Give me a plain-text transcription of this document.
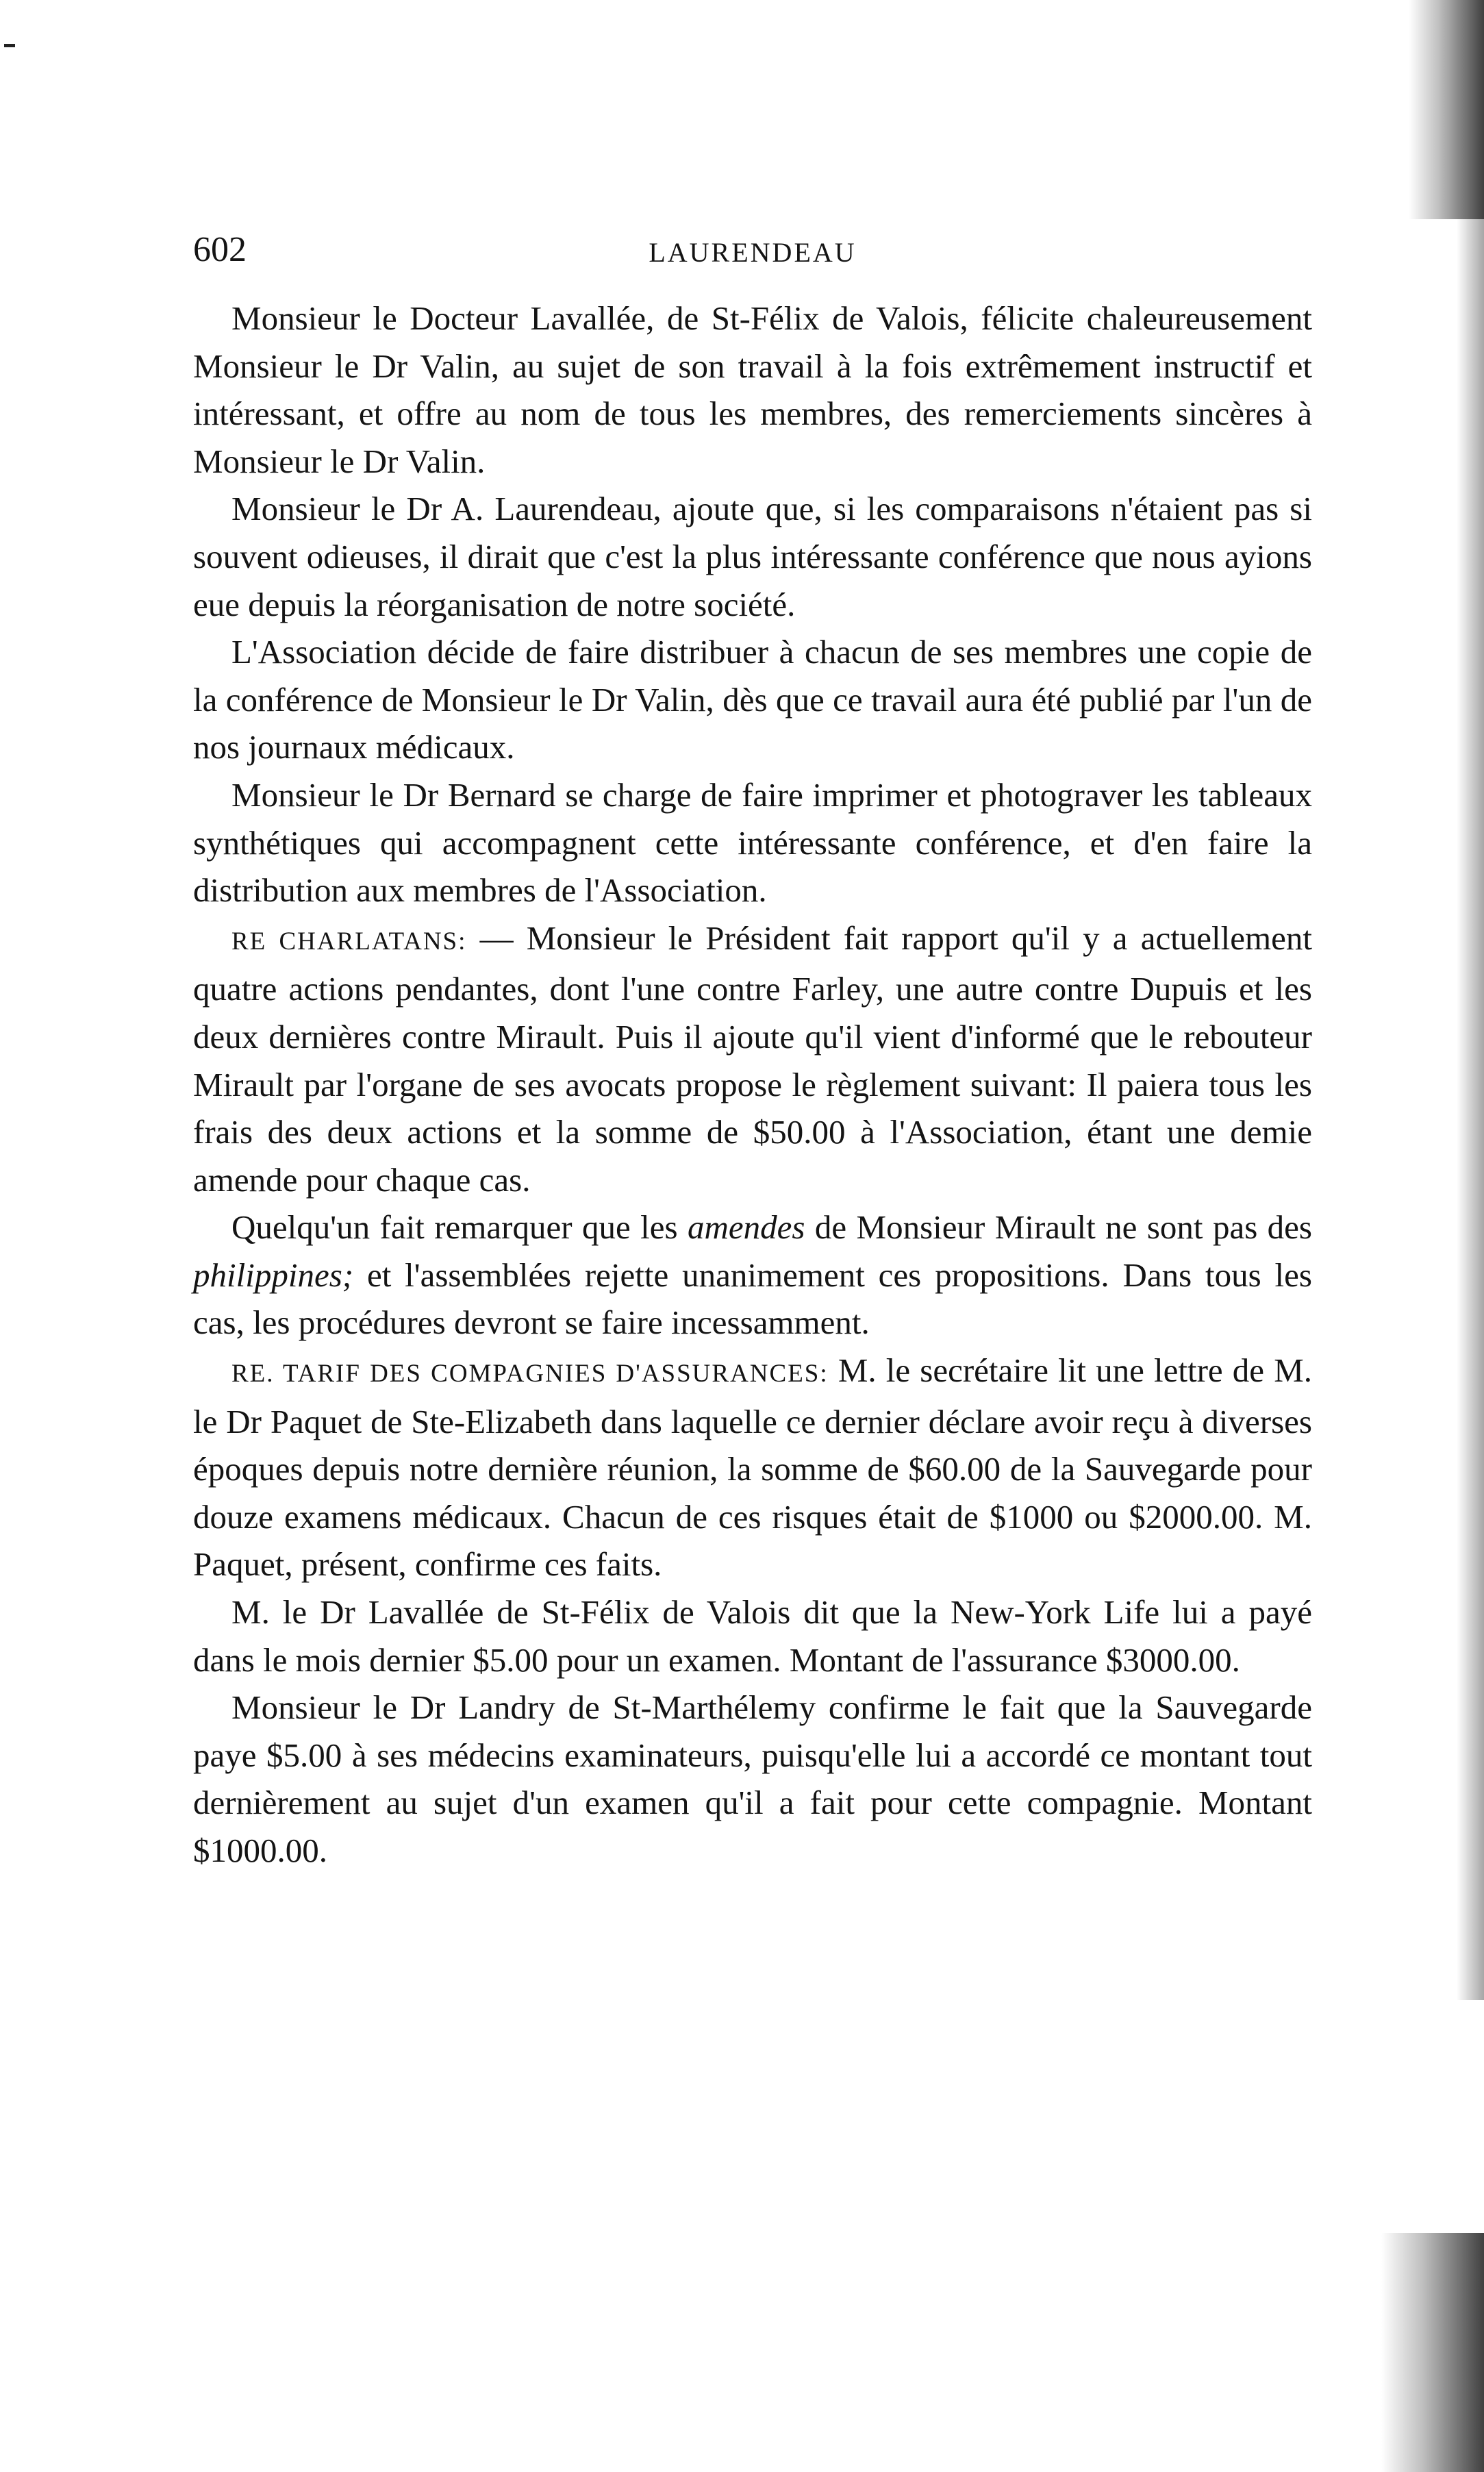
602	LAURENDEAU

Monsieur le Docteur Lavallée, de St-Félix de Valois, félicite chaleureusement Monsieur le Dr Valin, au sujet de son travail à la fois extrêmement instructif et intéressant, et offre au nom de tous les membres, des remerciements sincères à Monsieur le Dr Valin.

Monsieur le Dr A. Laurendeau, ajoute que, si les comparaisons n'étaient pas si souvent odieuses, il dirait que c'est la plus intéressante conférence que nous ayions eue depuis la réorganisation de notre société.

L'Association décide de faire distribuer à chacun de ses membres une copie de la conférence de Monsieur le Dr Valin, dès que ce travail aura été publié par l'un de nos journaux médicaux.

Monsieur le Dr Bernard se charge de faire imprimer et photograver les tableaux synthétiques qui accompagnent cette intéressante conférence, et d'en faire la distribution aux membres de l'Association.

RE CHARLATANS: — Monsieur le Président fait rapport qu'il y a actuellement quatre actions pendantes, dont l'une contre Farley, une autre contre Dupuis et les deux dernières contre Mirault. Puis il ajoute qu'il vient d'informé que le rebouteur Mirault par l'organe de ses avocats propose le règlement suivant: Il paiera tous les frais des deux actions et la somme de $50.00 à l'Association, étant une demie amende pour chaque cas.

Quelqu'un fait remarquer que les amendes de Monsieur Mirault ne sont pas des philippines; et l'assemblées rejette unanimement ces propositions. Dans tous les cas, les procédures devront se faire incessamment.

RE. TARIF DES COMPAGNIES D'ASSURANCES: M. le secrétaire lit une lettre de M. le Dr Paquet de Ste-Elizabeth dans laquelle ce dernier déclare avoir reçu à diverses époques depuis notre dernière réunion, la somme de $60.00 de la Sauvegarde pour douze examens médicaux. Chacun de ces risques était de $1000 ou $2000.00. M. Paquet, présent, confirme ces faits.

M. le Dr Lavallée de St-Félix de Valois dit que la New-York Life lui a payé dans le mois dernier $5.00 pour un examen. Montant de l'assurance $3000.00.

Monsieur le Dr Landry de St-Marthélemy confirme le fait que la Sauvegarde paye $5.00 à ses médecins examinateurs, puisqu'elle lui a accordé ce montant tout dernièrement au sujet d'un examen qu'il a fait pour cette compagnie. Montant $1000.00.
